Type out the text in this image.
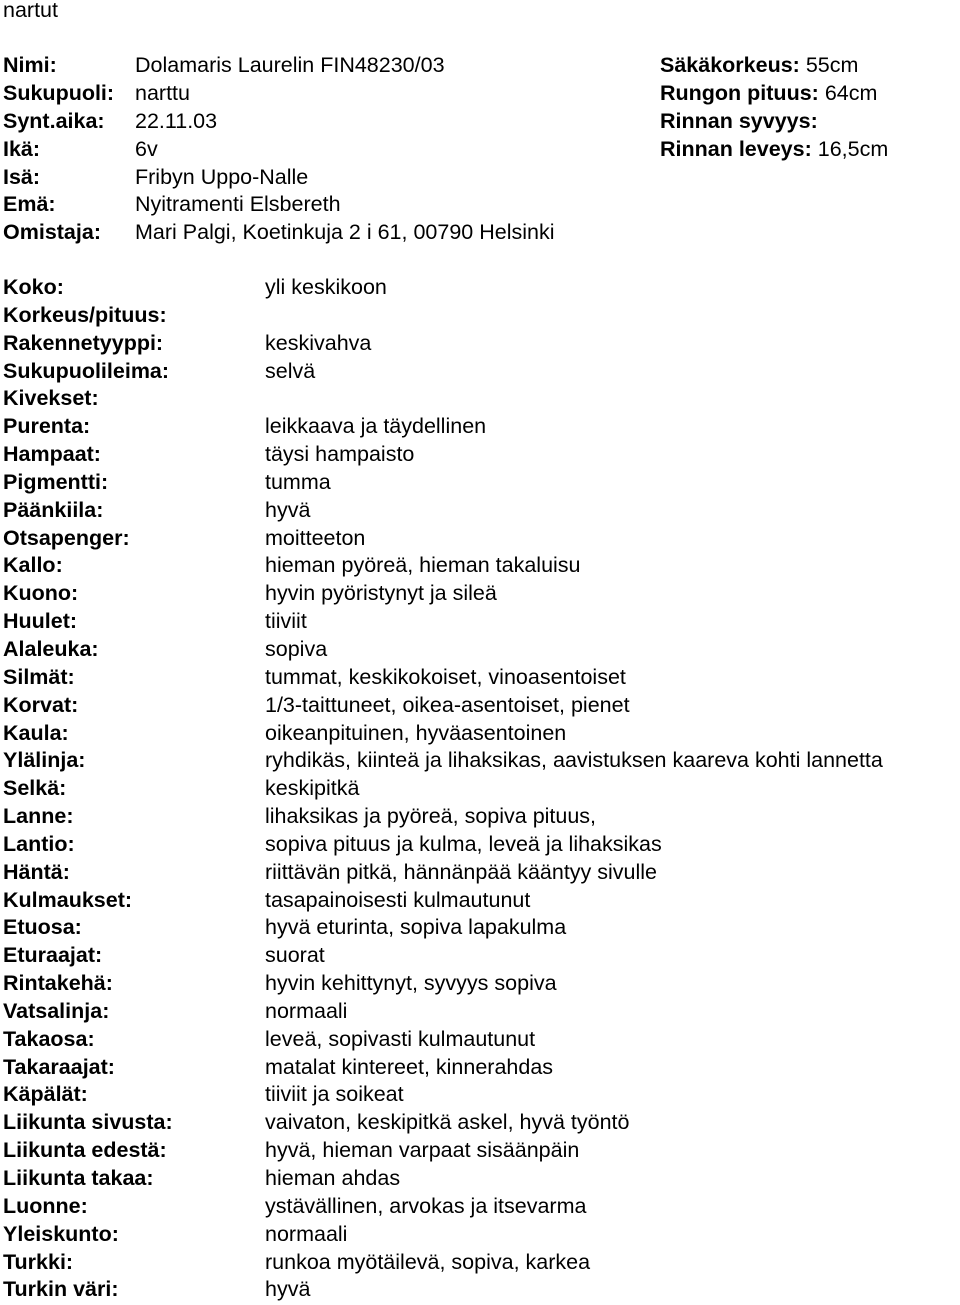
nartut
Nimi:	Dolamaris Laurelin FIN48230/03
Sukupuoli: narttu
Synt.aika: 22.11.03
Ikä:	6v
Isä:	Fribyn Uppo-Nalle
Emä:	Nyitramenti Elsbereth
Omistaja: Mari Palgi, Koetinkuja 2 i 61, 00790 Helsinki
Säkäkorkeus: 55cm
Rungon pituus: 64cm
Rinnan syvyys:
Rinnan leveys: 16,5cm
Koko:	yli keskikoon
Korkeus/pituus:
Rakennetyyppi:	keskivahva
Sukupuolileima:	selvä
Kivekset:
Purenta:	leikkaava ja täydellinen
Hampaat:	täysi hampaisto
Pigmentti:	tumma
Päänkiila:	hyvä
Otsapenger:	moitteeton
Kallo:	hieman pyöreä, hieman takaluisu
Kuono:	hyvin pyöristynyt ja sileä
Huulet:	tiiviit
Alaleuka:	sopiva
Silmät:	tummat, keskikokoiset, vinoasentoiset
Korvat:	1/3-taittuneet, oikea-asentoiset, pienet
Kaula:	oikeanpituinen, hyväasentoinen
Ylälinja:	ryhdikäs, kiinteä ja lihaksikas, aavistuksen kaareva kohti lannetta
Selkä:	keskipitkä
Lanne:	lihaksikas ja pyöreä, sopiva pituus,
Lantio:	sopiva pituus ja kulma, leveä ja lihaksikas
Häntä:	riittävän pitkä, hännänpää kääntyy sivulle
Kulmaukset:	tasapainoisesti kulmautunut
Etuosa:	hyvä eturinta, sopiva lapakulma
Eturaajat:	suorat
Rintakehä:	hyvin kehittynyt, syvyys sopiva
Vatsalinja:	normaali
Takaosa:	leveä, sopivasti kulmautunut
Takaraajat:	matalat kintereet, kinnerahdas
Käpälät:	tiiviit ja soikeat
Liikunta sivusta:	vaivaton, keskipitkä askel, hyvä työntö
Liikunta edestä:	hyvä, hieman varpaat sisäänpäin
Liikunta takaa:	hieman ahdas
Luonne:	ystävällinen, arvokas ja itsevarma
Yleiskunto:	normaali
Turkki:	runkoa myötäilevä, sopiva, karkea
Turkin väri:	hyvä
